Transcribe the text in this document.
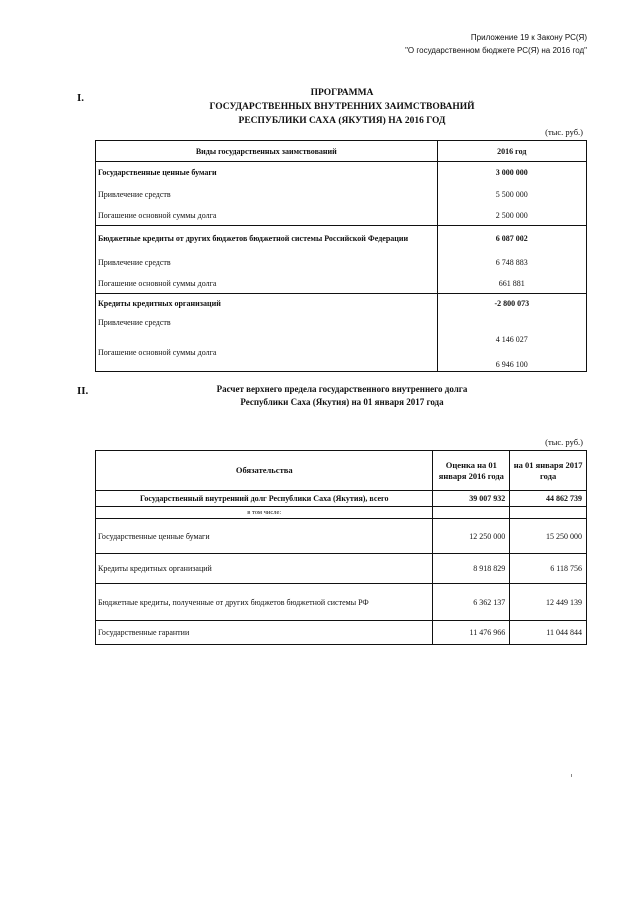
Приложение 19 к Закону РС(Я)
"О государственном бюджете РС(Я) на 2016 год"
I.	ПРОГРАММА
ГОСУДАРСТВЕННЫХ ВНУТРЕННИХ ЗАИМСТВОВАНИЙ
РЕСПУБЛИКИ САХА (ЯКУТИЯ) НА 2016 ГОД
(тыс. руб.)
Виды государственных заимствований	2016 год
Государственные ценные бумаги	3 000 000
Привлечение средств	5 500 000
Погашение основной суммы долга	2 500 000
Бюджетные кредиты от других бюджетов бюджетной системы Российской Федерации	6 087 002
Привлечение средств	6 748 883
Погашение основной суммы долга	661 881
Кредиты кредитных организаций	-2 800 073
Привлечение средств	4 146 027
Погашение основной суммы долга	6 946 100
II.	Расчет верхнего предела государственного внутреннего долга
Республики Саха (Якутия) на 01 января 2017 года
(тыс. руб.)
Обязательства	Оценка на 01 января 2016 года	на 01 января 2017 года
Государственный внутренний долг Республики Саха (Якутия), всего	39 007 932	44 862 739
в том числе:		
Государственные ценные бумаги	12 250 000	15 250 000
Кредиты кредитных организаций	8 918 829	6 118 756
Бюджетные кредиты, полученные от других бюджетов бюджетной системы РФ	6 362 137	12 449 139
Государственные гарантии	11 476 966	11 044 844
